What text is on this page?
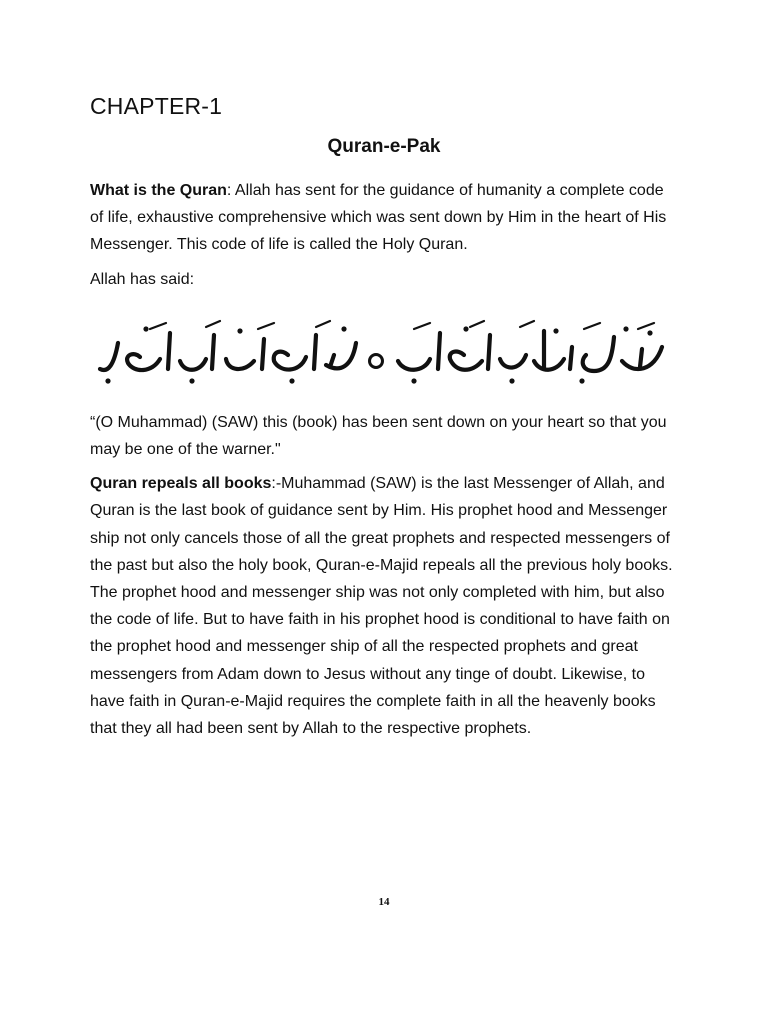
CHAPTER-1
Quran-e-Pak

What is the Quran: Allah has sent for the guidance of humanity a complete code of life, exhaustive comprehensive which was sent down by Him in the heart of His Messenger. This code of life is called the Holy Quran.

Allah has said:

“(O Muhammad) (SAW) this (book) has been sent down on your heart so that you may be one of the warner."

Quran repeals all books:-Muhammad (SAW) is the last Messenger of Allah, and Quran is the last book of guidance sent by Him. His prophet hood and Messenger ship not only cancels those of all the great prophets and respected messengers of the past but also the holy book, Quran-e-Majid repeals all the previous holy books. The prophet hood and messenger ship was not only completed with him, but also the code of life. But to have faith in his prophet hood is conditional to have faith on the prophet hood and messenger ship of all the respected prophets and great messengers from Adam down to Jesus without any tinge of doubt. Likewise, to have faith in Quran-e-Majid requires the complete faith in all the heavenly books that they all had been sent by Allah to the respective prophets.

14
